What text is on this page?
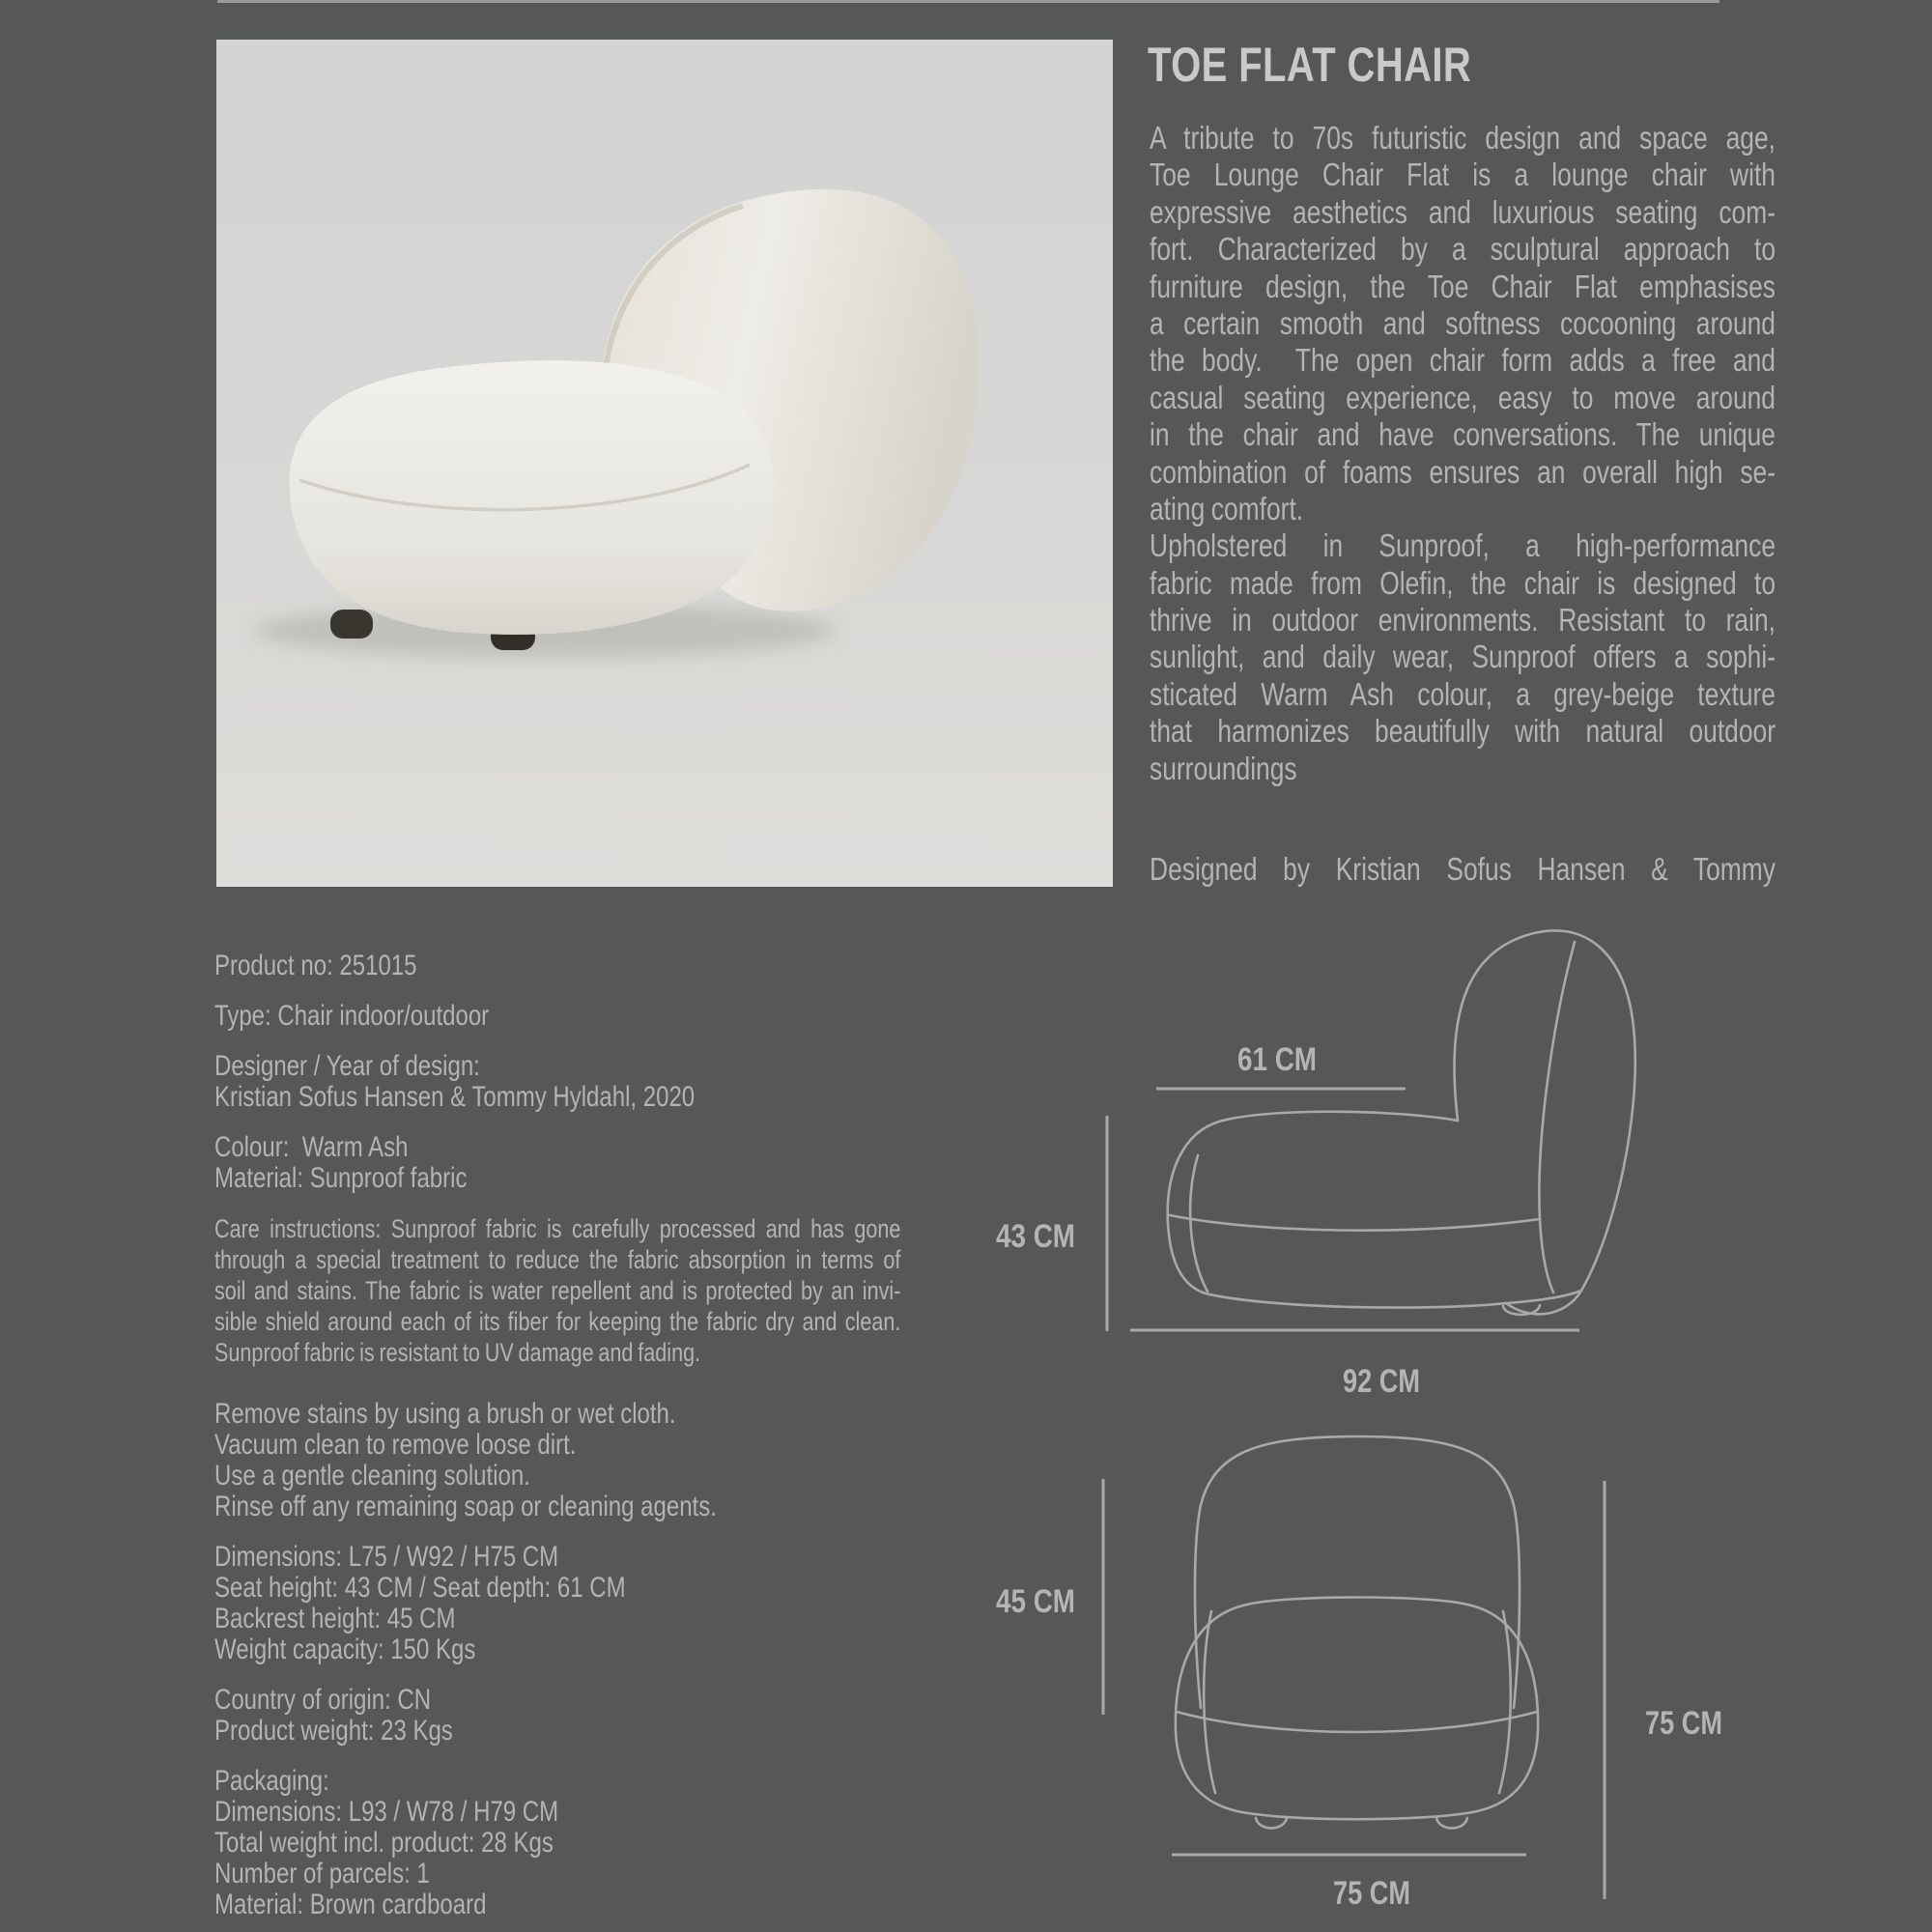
TOE FLAT CHAIR
A tribute to 70s futuristic design and space age,
Toe Lounge Chair Flat is a lounge chair with
expressive aesthetics and luxurious seating com-
fort. Characterized by a sculptural approach to
furniture design, the Toe Chair Flat emphasises
a certain smooth and softness cocooning around
the body.  The open chair form adds a free and
casual seating experience, easy to move around
in the chair and have conversations. The unique
combination of foams ensures an overall high se-
ating comfort.
Upholstered in Sunproof, a high-performance
fabric made from Olefin, the chair is designed to
thrive in outdoor environments. Resistant to rain,
sunlight, and daily wear, Sunproof offers a sophi-
sticated Warm Ash colour, a grey-beige texture
that harmonizes beautifully with natural outdoor
surroundings
Designed by Kristian Sofus Hansen & Tommy
Product no: 251015
Type: Chair indoor/outdoor
Designer / Year of design:
Kristian Sofus Hansen & Tommy Hyldahl, 2020
Colour:  Warm Ash
Material: Sunproof fabric
Care instructions: Sunproof fabric is carefully processed and has gone
through a special treatment to reduce the fabric absorption in terms of
soil and stains. The fabric is water repellent and is protected by an invi-
sible shield around each of its fiber for keeping the fabric dry and clean.
Sunproof fabric is resistant to UV damage and fading.
Remove stains by using a brush or wet cloth.
Vacuum clean to remove loose dirt.
Use a gentle cleaning solution.
Rinse off any remaining soap or cleaning agents.
Dimensions: L75 / W92 / H75 CM
Seat height: 43 CM / Seat depth: 61 CM
Backrest height: 45 CM
Weight capacity: 150 Kgs
Country of origin: CN
Product weight: 23 Kgs
Packaging:
Dimensions: L93 / W78 / H79 CM
Total weight incl. product: 28 Kgs
Number of parcels: 1
Material: Brown cardboard
61 CM
43 CM
92 CM
45 CM
75 CM
75 CM
